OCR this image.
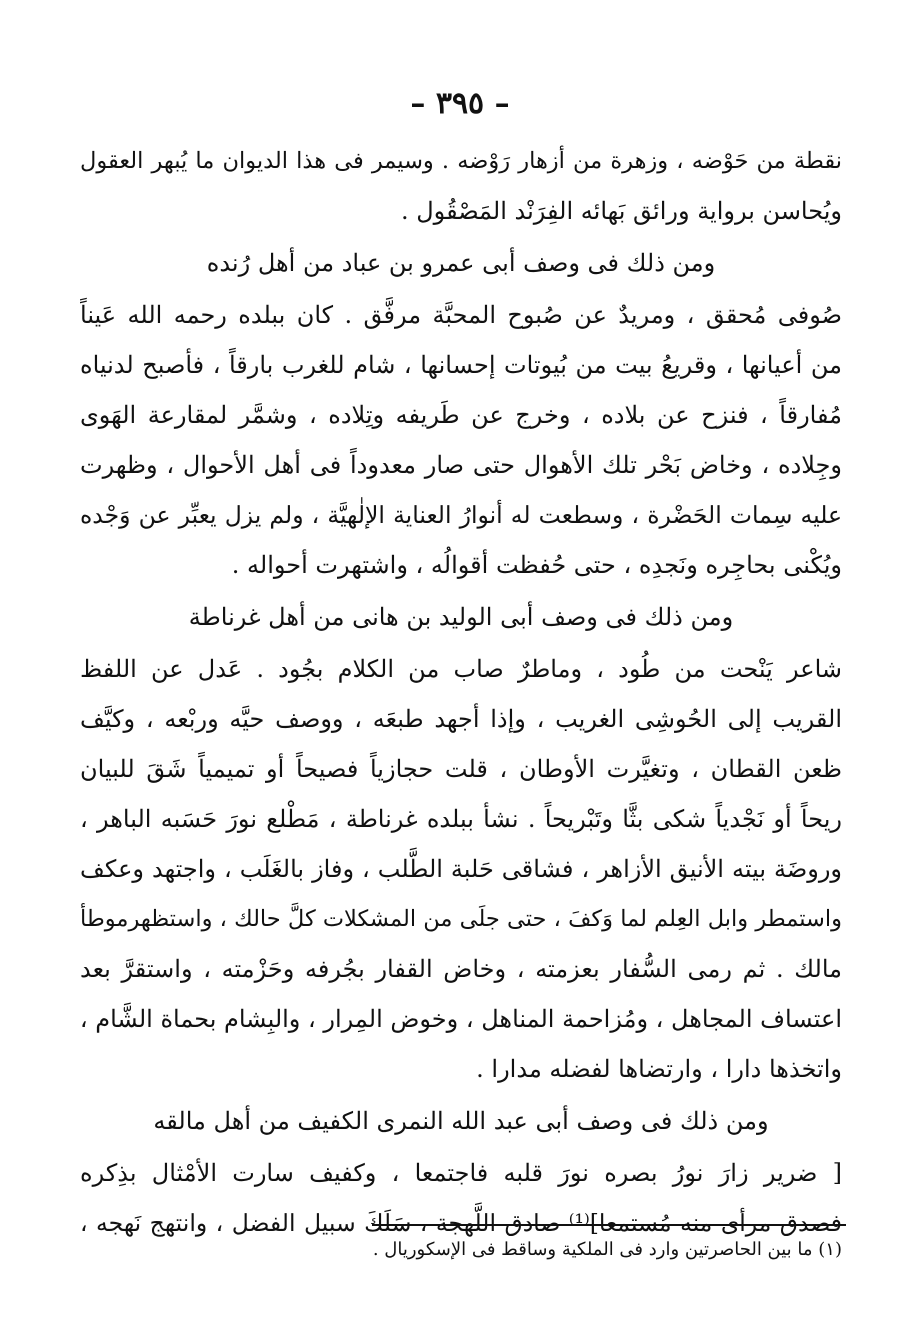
– ٣٩٥ –
نقطة من حَوْضه ، وزهرة من أزهار رَوْضه . وسيمر فى هذا الديوان ما يُبهر العقول
ويُحاسن برواية ورائق بَهائه الفِرَنْد المَصْقُول .
ومن ذلك فى وصف أبى عمرو بن عباد من أهل رُنده
صُوفى مُحقق ، ومريدٌ عن صُبوح المحبَّة مرفَّق . كان ببلده رحمه الله عَيناً
من أعيانها ، وقريعُ بيت من بُيوتات إحسانها ، شام للغرب بارقاً ، فأصبح لدنياه
مُفارقاً ، فنزح عن بلاده ، وخرج عن طَريفه وتِلاده ، وشمَّر لمقارعة الهَوى
وجِلاده ، وخاض بَحْر تلك الأهوال حتى صار معدوداً فى أهل الأحوال ، وظهرت
عليه سِمات الحَضْرة ، وسطعت له أنوارُ العناية الإلٰهيَّة ، ولم يزل يعبِّر عن وَجْده
ويُكْنى بحاجِره ونَجدِه ، حتى حُفظت أقوالُه ، واشتهرت أحواله .
ومن ذلك فى وصف أبى الوليد بن هانى من أهل غرناطة
شاعر يَنْحت من طُود ، وماطرٌ صاب من الكلام بجُود . عَدل عن اللفظ
القريب إلى الحُوشِى الغريب ، وإذا أجهد طبعَه ، ووصف حيَّه وربْعه ، وكيَّف
ظعن القطان ، وتغيَّرت الأوطان ، قلت حجازياً فصيحاً أو تميمياً شَقَ للبيان
ريحاً أو نَجْدياً شكى بثَّا وتَبْريحاً . نشأ ببلده غرناطة ، مَطْلع نورَ حَسَبه الباهر ،
وروضَة بيته الأنيق الأزاهر ، فشاقى حَلبة الطَّلب ، وفاز بالغَلَب ، واجتهد وعكف
واستمطر وابل العِلم لما وَكفَ ، حتى جلَى من المشكلات كلَّ حالك ، واستظهرموطأ
مالك . ثم رمى السُّفار بعزمته ، وخاض القفار بجُرفه وحَزْمته ، واستقرَّ بعد
اعتساف المجاهل ، ومُزاحمة المناهل ، وخوض المِرار ، والبِشام بحماة الشَّام ،
واتخذها دارا ، وارتضاها لفضله مدارا .
ومن ذلك فى وصف أبى عبد الله النمرى الكفيف من أهل مالقه
[ ضرير زارَ نورُ بصره نورَ قلبه فاجتمعا ، وكفيف سارت الأمْثال بذِكره
فصدق مرأى منه مُستمعا]⁽¹⁾ صادق اللَّهجة ، سَلَكَ سبيل الفضل ، وانتهج نَهجه ،
(١) ما بين الحاصرتين وارد فى الملكية وساقط فى الإسكوريال .
